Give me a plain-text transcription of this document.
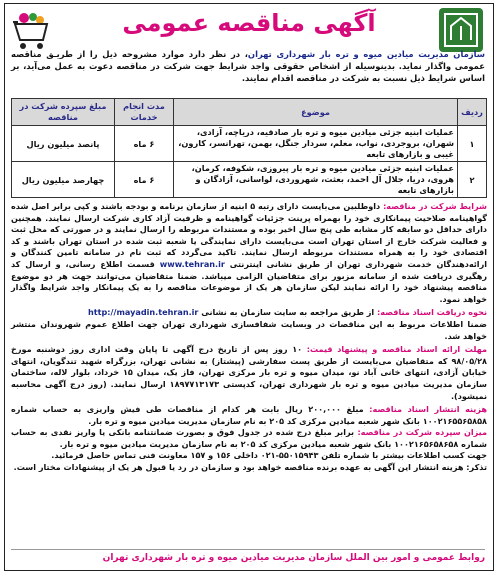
آگهی مناقصه عمومی
سازمان مدیریت میادین میوه و تره بار شهرداری تهران، در نظر دارد موارد مشروحه ذیل را از طریـق مناقصه عمومی واگذار نماید. بدینوسیله از اشخاص حقوقی واجد شرایط جهت شرکت در مناقصه دعوت به عمل می‌آید، بر اساس شرایط ذیل نسبت به شرکت در مناقصه اقدام نمایند.
ردیف	موضوع	مدت انجام خدمات	مبلغ سپرده شرکت در مناقصه
۱	عملیات ابنیه جزئی میادین میوه و تره بار صادقیه، دریاچه، آزادی، شهران، بروجردی، نواب، معلم، سردار جنگل، بهمن، تهرانسر، کارون، غیبی و بازارهای تابعه	۶ ماه	پانصد میلیون ریال
۲	عملیات ابنیه جزئی میادین میوه و تره بار پیروزی، شکوفه، کرمان، هروی، دریا، جلال آل احمد، بعثت، شهروردی، لواسانی، آزادگان و بازارهای تابعه	۶ ماه	چهارصد میلیون ریال
شرایط شرکت در مناقصه: داوطلبین می‌بایست دارای رتبه ۵ ابنیه از سازمان برنامه و بودجه باشند و کپی برابر اصل شده گواهینامه صلاحیت پیمانکاری خود را بهمراه پرینت جزئیات گواهینامه و ظرفیت آزاد کاری شرکت ارسال نمایند. همچنین دارای حداقل دو سابقه کار مشابه طی پنج سال اخیر بوده و مستندات مربوطه را ارسال نمایند و در صورتی که محل ثبت و فعالیت شرکت خارج از استان تهران است می‌بایست دارای نمایندگی یا شعبه ثبت شده در استان تهران باشند و کد اقتصادی خود را به همراه مستندات مربوطه ارسال نمایند. تاکید می‌گردد که ثبت نام در سامانه تامین کنندگان و ارائه‌دهندگان خدمت شهرداری تهران از طریق نشانی اینترنتی www.tehran.ir قسمت اطلاع رسانی، و ارسال کد رهگیری دریافت شده از سامانه مزبور برای متقاضیان الزامی میباشد. ضمنا متقاضیان می‌توانند جهت هر دو موضوع مناقصه پیشنهاد خود را ارائه نمایند لیکن سازمان هر یک از موضوعات مناقصه را به یک پیمانکار واجد شرایط واگذار خواهد نمود.
نحوه دریافت اسناد مناقصه: از طریق مراجعه به سایت سازمان به نشانی http://mayadin.tehran.ir
ضمنا اطلاعات مربوط به این مناقصات در وبسایت شفافسازی شهرداری تهران جهت اطلاع عموم شهروندان منتشر خواهد شد.
مهلت ارائه اسناد مناقصه و پیشنهاد قیمت: ۱۰ روز پس از تاریخ درج آگهی تا پایان وقت اداری روز دوشنبه مورخ ۹۸/۰۵/۲۸ که متقاضیان می‌بایست از طریق پست سفارشی (پیشتاز) به نشانی تهران، بزرگراه شهید تندگویان، انتهای خیابان آزادی، انتهای خانی آباد نو، میدان میوه و تره بار مرکزی تهران، فاز یک، میدان ۱۵ خرداد، بلوار لاله، ساختمان سازمان مدیریت میادین میوه و تره بار شهرداری تهران، کدپستی ۱۸۹۷۷۱۳۱۷۳ ارسال نمایند. (روز درج آگهی محاسبه نمیشود).
هزینه انتشار اسناد مناقصه: مبلغ ۲۰۰,۰۰۰ ریال بابت هر کدام از مناقصات طی فیش واریزی به حساب شماره ۱۰۰۲۱۶۵۵۶۵۸۵۸ بانک شهر شعبه میادین مرکزی کد ۲۰۵ به نام سازمان مدیریت میادین میوه و تره بار.
میزان سپرده شرکت در مناقصه: برابر مبلغ درج شده در جدول فوق و بصورت ضمانتنامه بانکی یا واریز نقدی به حساب شماره ۱۰۰۲۱۶۵۶۵۸۶۵۸ بانک شهر شعبه میادین مرکزی کد ۲۰۵ به نام سازمان مدیریت میادین میوه و تره بار.
جهت کسب اطلاعات بیشتر با شماره تلفن ۵۵۰۱۵۹۴۳-۰۲۱ داخلی ۱۵۶ و ۱۵۷ معاونت فنی تماس حاصل فرمائید.
تذکر: هزینه انتشار این آگهی به عهده برنده مناقصه خواهد بود و سازمان در رد یا قبول هر یک از پیشنهادات مختار است.
روابط عمومی و امور بین الملل سازمان مدیریت میادین میوه و تره بار شهرداری تهران
